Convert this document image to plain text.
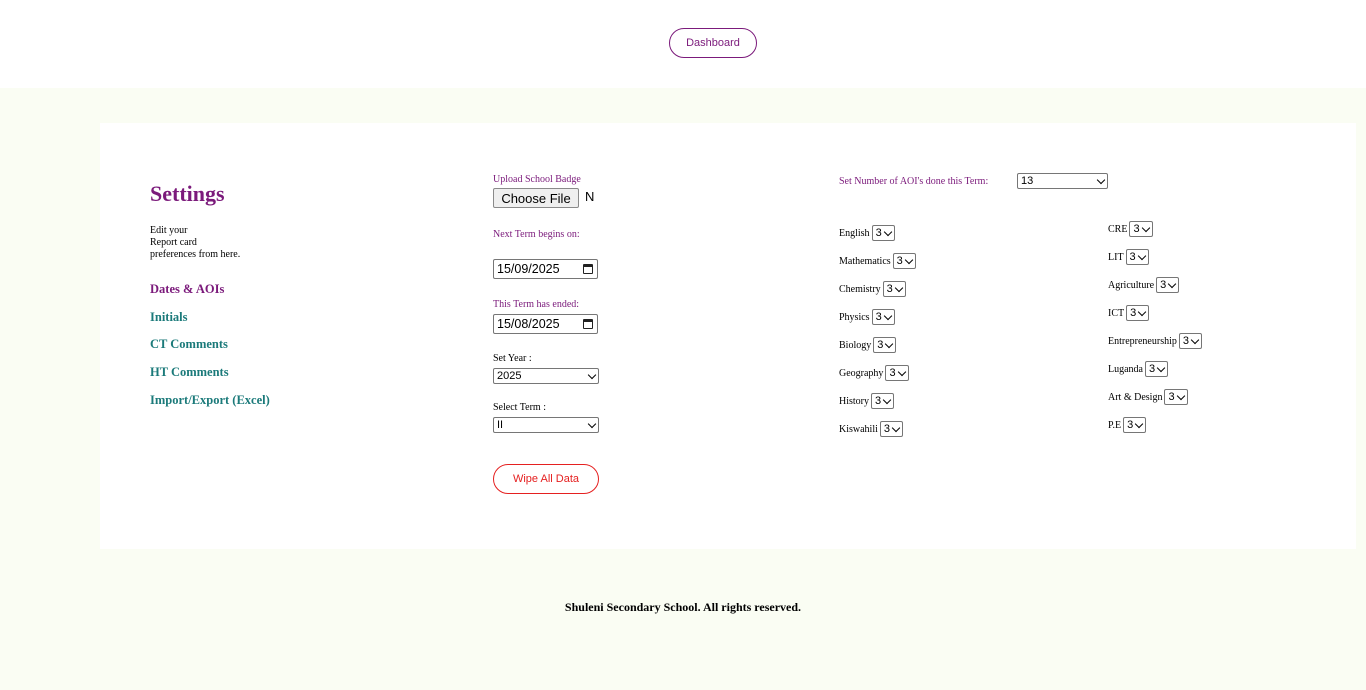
Dashboard
Settings
Edit your
Report card
preferences from here.
Dates & AOIs
Initials
CT Comments
HT Comments
Import/Export (Excel)
Upload School Badge
Choose File	N
Next Term begins on:
15/09/2025
This Term has ended:
15/08/2025
Set Year :
2025
Select Term :
II
Wipe All Data
Set Number of AOI's done this Term:	13
English 3
Mathematics 3
Chemistry 3
Physics 3
Biology 3
Geography 3
History 3
Kiswahili 3
CRE 3
LIT 3
Agriculture 3
ICT 3
Entrepreneurship 3
Luganda 3
Art & Design 3
P.E 3
Shuleni Secondary School. All rights reserved.
